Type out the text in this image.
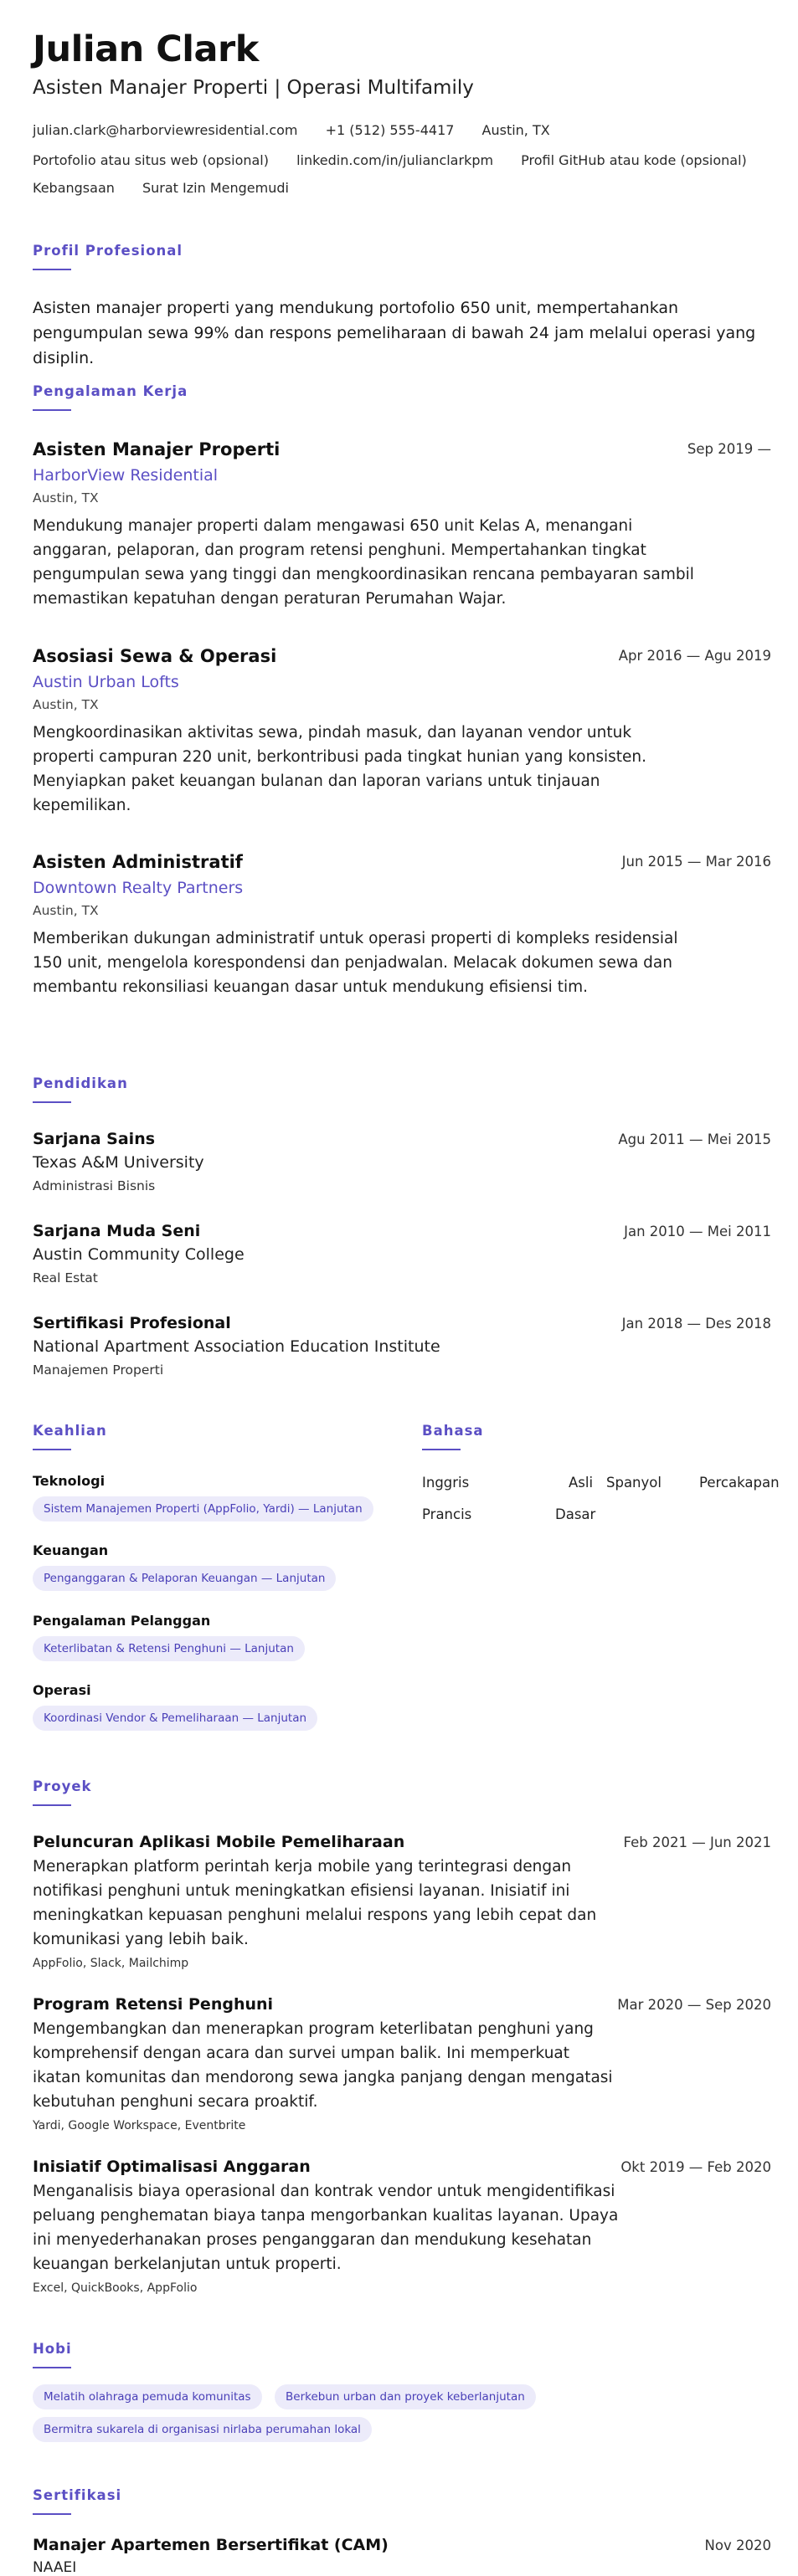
Julian Clark
Asisten Manajer Properti | Operasi Multifamily
julian.clark@harborviewresidential.com +1 (512) 555-4417 Austin, TX
Portofolio atau situs web (opsional) linkedin.com/in/julianclarkpm Profil GitHub atau kode (opsional)
Kebangsaan Surat Izin Mengemudi
Profil Profesional
Asisten manajer properti yang mendukung portofolio 650 unit, mempertahankan pengumpulan sewa 99% dan respons pemeliharaan di bawah 24 jam melalui operasi yang disiplin.
Pengalaman Kerja
Sep 2019 —
Asisten Manajer Properti
HarborView Residential
Austin, TX
Mendukung manajer properti dalam mengawasi 650 unit Kelas A, menangani anggaran, pelaporan, dan program retensi penghuni. Mempertahankan tingkat pengumpulan sewa yang tinggi dan mengkoordinasikan rencana pembayaran sambil memastikan kepatuhan dengan peraturan Perumahan Wajar.
Apr 2016 — Agu 2019
Asosiasi Sewa & Operasi
Austin Urban Lofts
Austin, TX
Mengkoordinasikan aktivitas sewa, pindah masuk, dan layanan vendor untuk properti campuran 220 unit, berkontribusi pada tingkat hunian yang konsisten. Menyiapkan paket keuangan bulanan dan laporan varians untuk tinjauan kepemilikan.
Jun 2015 — Mar 2016
Asisten Administratif
Downtown Realty Partners
Austin, TX
Memberikan dukungan administratif untuk operasi properti di kompleks residensial 150 unit, mengelola korespondensi dan penjadwalan. Melacak dokumen sewa dan membantu rekonsiliasi keuangan dasar untuk mendukung efisiensi tim.
Pendidikan
Agu 2011 — Mei 2015
Sarjana Sains
Texas A&M University
Administrasi Bisnis
Jan 2010 — Mei 2011
Sarjana Muda Seni
Austin Community College
Real Estat
Jan 2018 — Des 2018
Sertifikasi Profesional
National Apartment Association Education Institute
Manajemen Properti
Keahlian
Teknologi
Sistem Manajemen Properti (AppFolio, Yardi) — Lanjutan
Keuangan
Penganggaran & Pelaporan Keuangan — Lanjutan
Pengalaman Pelanggan
Keterlibatan & Retensi Penghuni — Lanjutan
Operasi
Koordinasi Vendor & Pemeliharaan — Lanjutan
Bahasa
Inggris	Asli Spanyol	Percakapan
Prancis	Dasar
Proyek
Feb 2021 — Jun 2021
Peluncuran Aplikasi Mobile Pemeliharaan
Menerapkan platform perintah kerja mobile yang terintegrasi dengan notifikasi penghuni untuk meningkatkan efisiensi layanan. Inisiatif ini meningkatkan kepuasan penghuni melalui respons yang lebih cepat dan komunikasi yang lebih baik.
AppFolio, Slack, Mailchimp
Mar 2020 — Sep 2020
Program Retensi Penghuni
Mengembangkan dan menerapkan program keterlibatan penghuni yang komprehensif dengan acara dan survei umpan balik. Ini memperkuat ikatan komunitas dan mendorong sewa jangka panjang dengan mengatasi kebutuhan penghuni secara proaktif.
Yardi, Google Workspace, Eventbrite
Okt 2019 — Feb 2020
Inisiatif Optimalisasi Anggaran
Menganalisis biaya operasional dan kontrak vendor untuk mengidentifikasi peluang penghematan biaya tanpa mengorbankan kualitas layanan. Upaya ini menyederhanakan proses penganggaran dan mendukung kesehatan keuangan berkelanjutan untuk properti.
Excel, QuickBooks, AppFolio
Hobi
Melatih olahraga pemuda komunitas	Berkebun urban dan proyek keberlanjutan
Bermitra sukarela di organisasi nirlaba perumahan lokal
Sertifikasi
Nov 2020
Manajer Apartemen Bersertifikat (CAM)
NAAEI
